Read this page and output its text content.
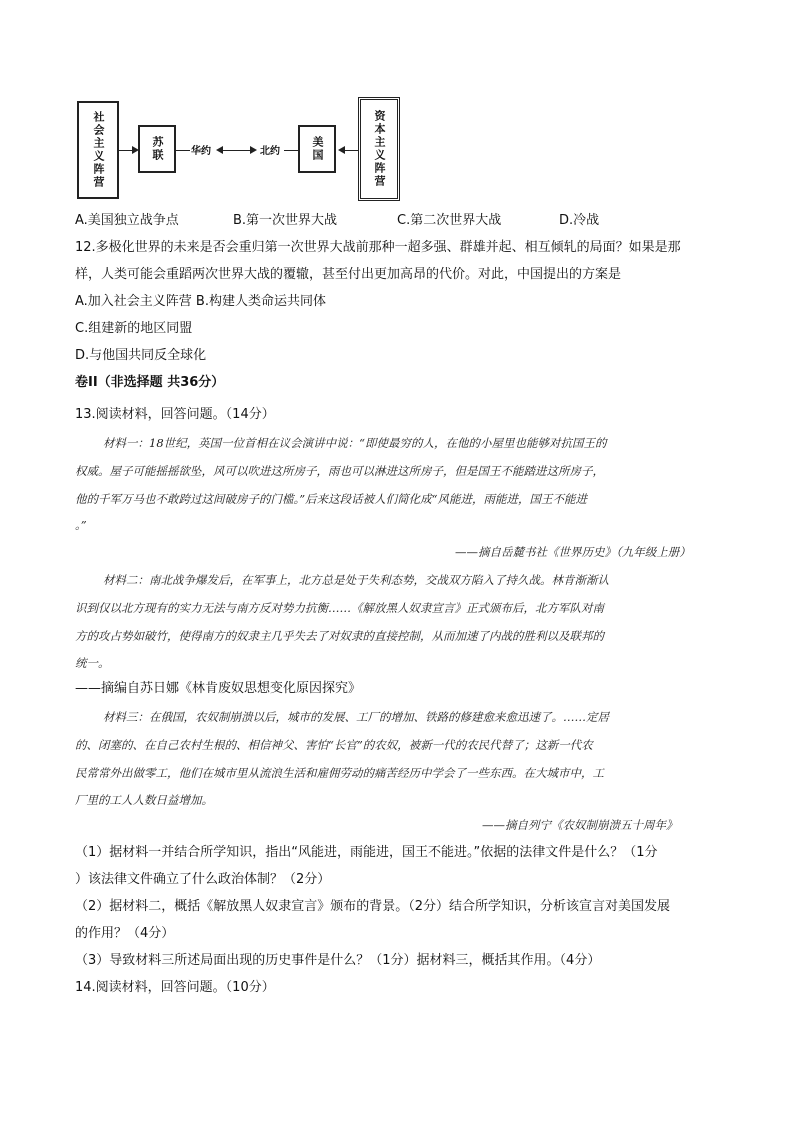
社会主义阵营	苏联	华约	北约	美国	资本主义阵营
A.美国独立战争点	B.第一次世界大战	C.第二次世界大战	D.冷战
12.多极化世界的未来是否会重归第一次世界大战前那种一超多强、群雄并起、相互倾轧的局面？如果是那
样，人类可能会重蹈两次世界大战的覆辙，甚至付出更加高昂的代价。对此，中国提出的方案是
A.加入社会主义阵营 B.构建人类命运共同体
C.组建新的地区同盟
D.与他国共同反全球化
卷II（非选择题 共36分）
13.阅读材料，回答问题。（14分）
材料一：18世纪，英国一位首相在议会演讲中说：“即使最穷的人，在他的小屋里也能够对抗国王的
权威。屋子可能摇摇欲坠，风可以吹进这所房子，雨也可以淋进这所房子，但是国王不能踏进这所房子，
他的千军万马也不敢跨过这间破房子的门槛。”后来这段话被人们简化成“风能进，雨能进，国王不能进
。”
——摘自岳麓书社《世界历史》（九年级上册）
材料二：南北战争爆发后，在军事上，北方总是处于失利态势，交战双方陷入了持久战。林肯渐渐认
识到仅以北方现有的实力无法与南方反对势力抗衡……《解放黑人奴隶宣言》正式颁布后，北方军队对南
方的攻占势如破竹，使得南方的奴隶主几乎失去了对奴隶的直接控制，从而加速了内战的胜利以及联邦的
统一。
——摘编自苏日娜《林肯废奴思想变化原因探究》
材料三：在俄国，农奴制崩溃以后，城市的发展、工厂的增加、铁路的修建愈来愈迅速了。……定居
的、闭塞的、在自己农村生根的、相信神父、害怕“长官”的农奴，被新一代的农民代替了；这新一代农
民常常外出做零工，他们在城市里从流浪生活和雇佣劳动的痛苦经历中学会了一些东西。在大城市中，工
厂里的工人人数日益增加。
——摘自列宁《农奴制崩溃五十周年》
（1）据材料一并结合所学知识，指出“风能进，雨能进，国王不能进。”依据的法律文件是什么？（1分
）该法律文件确立了什么政治体制？（2分）
（2）据材料二，概括《解放黑人奴隶宣言》颁布的背景。（2分）结合所学知识，分析该宣言对美国发展
的作用？（4分）
（3）导致材料三所述局面出现的历史事件是什么？（1分）据材料三，概括其作用。（4分）
14.阅读材料，回答问题。（10分）
